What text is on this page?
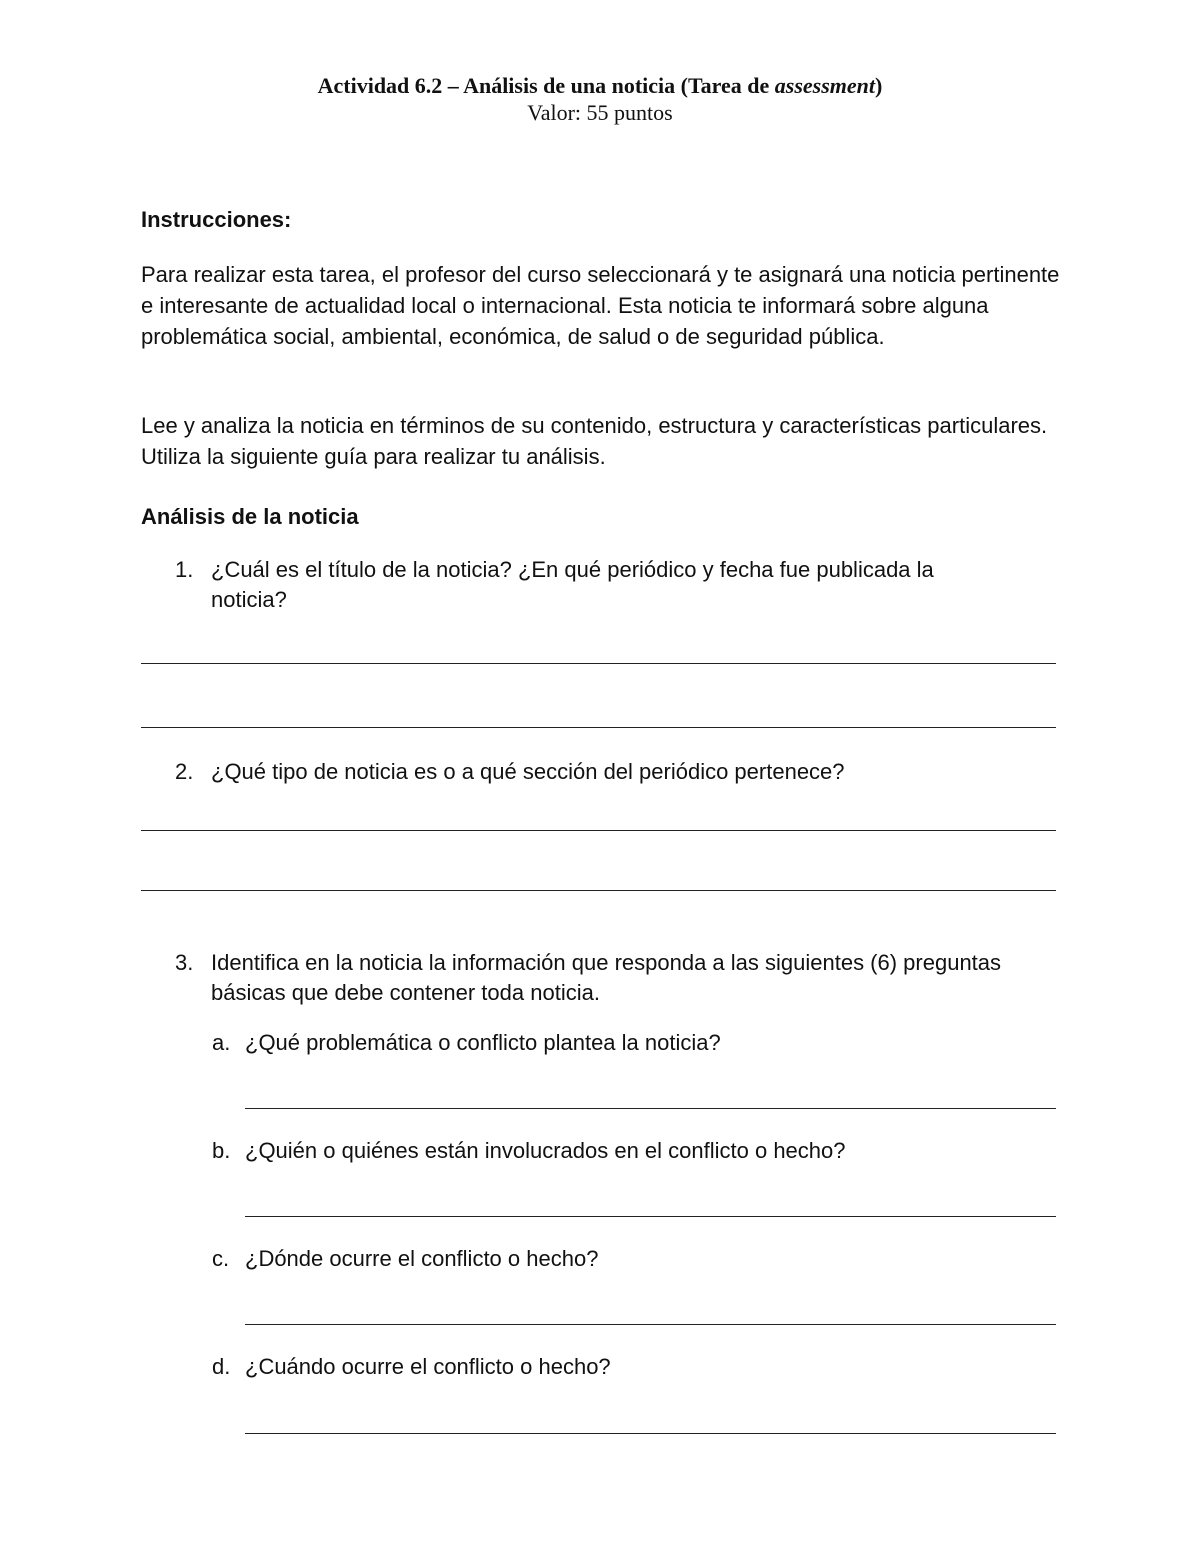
Actividad 6.2 – Análisis de una noticia (Tarea de assessment)
Valor: 55 puntos
Instrucciones:
Para realizar esta tarea, el profesor del curso seleccionará y te asignará una noticia pertinente e interesante de actualidad local o internacional. Esta noticia te informará sobre alguna problemática social, ambiental, económica, de salud o de seguridad pública.
Lee y analiza la noticia en términos de su contenido, estructura y características particulares. Utiliza la siguiente guía para realizar tu análisis.
Análisis de la noticia
1. ¿Cuál es el título de la noticia? ¿En qué periódico y fecha fue publicada la noticia?
2. ¿Qué tipo de noticia es o a qué sección del periódico pertenece?
3. Identifica en la noticia la información que responda a las siguientes (6) preguntas básicas que debe contener toda noticia.
a. ¿Qué problemática o conflicto plantea la noticia?
b. ¿Quién o quiénes están involucrados en el conflicto o hecho?
c. ¿Dónde ocurre el conflicto o hecho?
d. ¿Cuándo ocurre el conflicto o hecho?
